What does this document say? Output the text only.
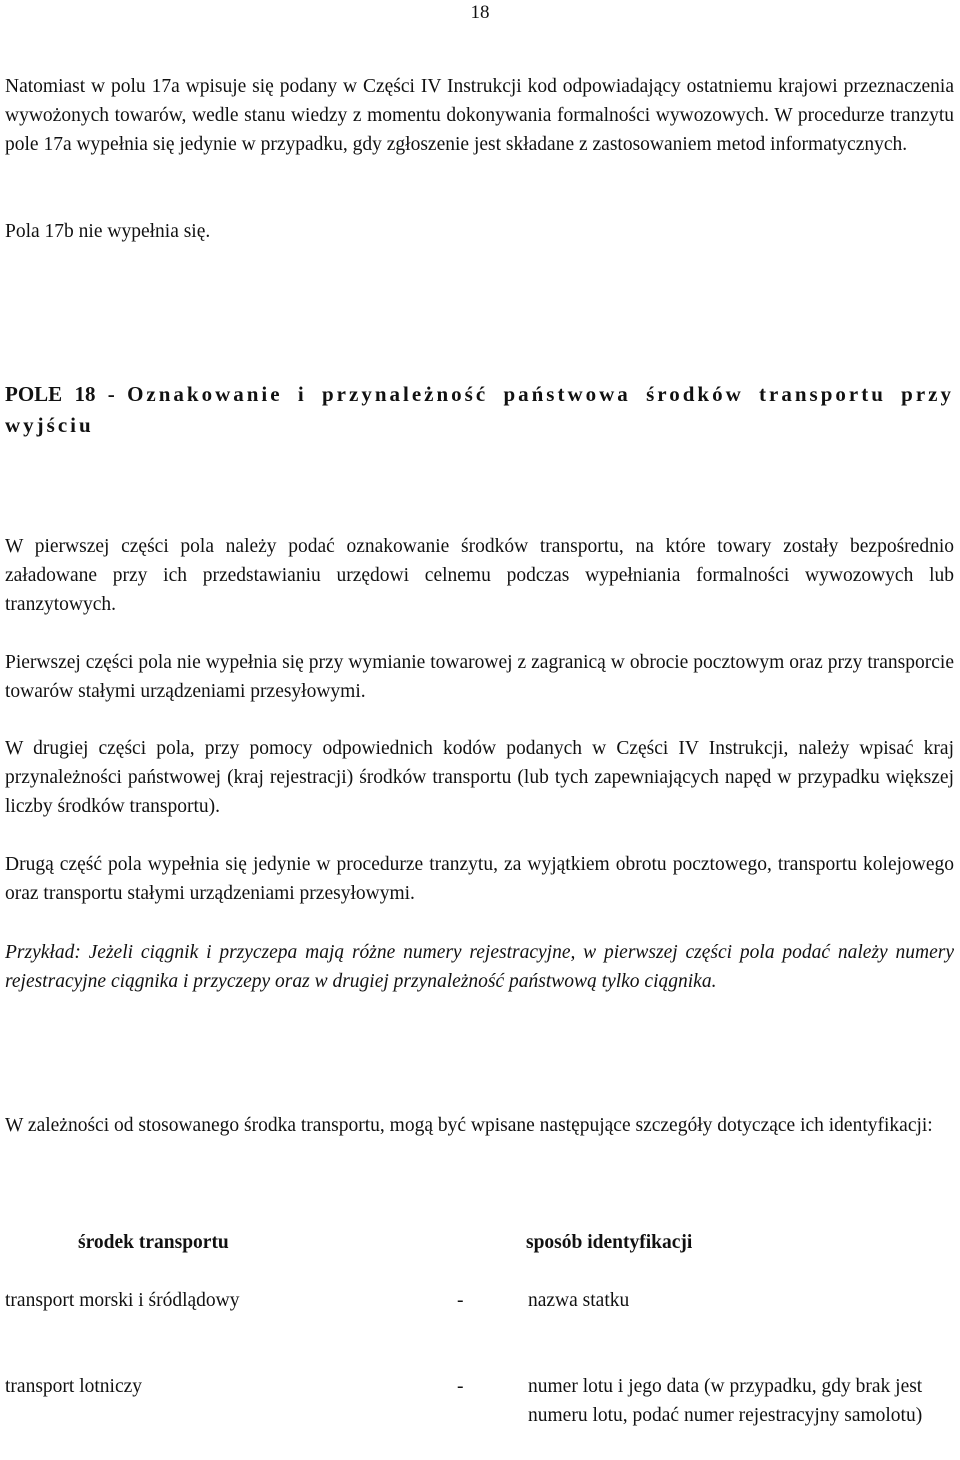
18
Natomiast w polu 17a wpisuje się podany w Części IV Instrukcji kod odpowiadający ostatniemu krajowi przeznaczenia wywożonych towarów, wedle stanu wiedzy z momentu dokonywania formalności wywozowych. W procedurze tranzytu pole 17a wypełnia się jedynie w przypadku, gdy zgłoszenie jest składane z zastosowaniem metod informatycznych.
Pola 17b nie wypełnia się.
POLE 18 - Oznakowanie i przynależność państwowa środków transportu przy wyjściu
W pierwszej części pola należy podać oznakowanie środków transportu, na które towary zostały bezpośrednio załadowane przy ich przedstawianiu urzędowi celnemu podczas wypełniania formalności wywozowych lub tranzytowych.
Pierwszej części pola nie wypełnia się przy wymianie towarowej z zagranicą w obrocie pocztowym oraz przy transporcie towarów stałymi urządzeniami przesyłowymi.
W drugiej części pola, przy pomocy odpowiednich kodów podanych w Części IV Instrukcji, należy wpisać kraj przynależności państwowej (kraj rejestracji) środków transportu (lub tych zapewniających napęd w przypadku większej liczby środków transportu).
Drugą część pola wypełnia się jedynie w procedurze tranzytu, za wyjątkiem obrotu pocztowego, transportu kolejowego oraz transportu stałymi urządzeniami przesyłowymi.
Przykład: Jeżeli ciągnik i przyczepa mają różne numery rejestracyjne, w pierwszej części pola podać należy numery rejestracyjne ciągnika i przyczepy oraz w drugiej przynależność państwową tylko ciągnika.
W zależności od stosowanego środka transportu, mogą być wpisane następujące szczegóły dotyczące ich identyfikacji:
środek transportu	sposób identyfikacji
transport morski i śródlądowy	-	nazwa statku
transport lotniczy	-	numer lotu i jego data (w przypadku, gdy brak jest numeru lotu, podać numer rejestracyjny samolotu)
